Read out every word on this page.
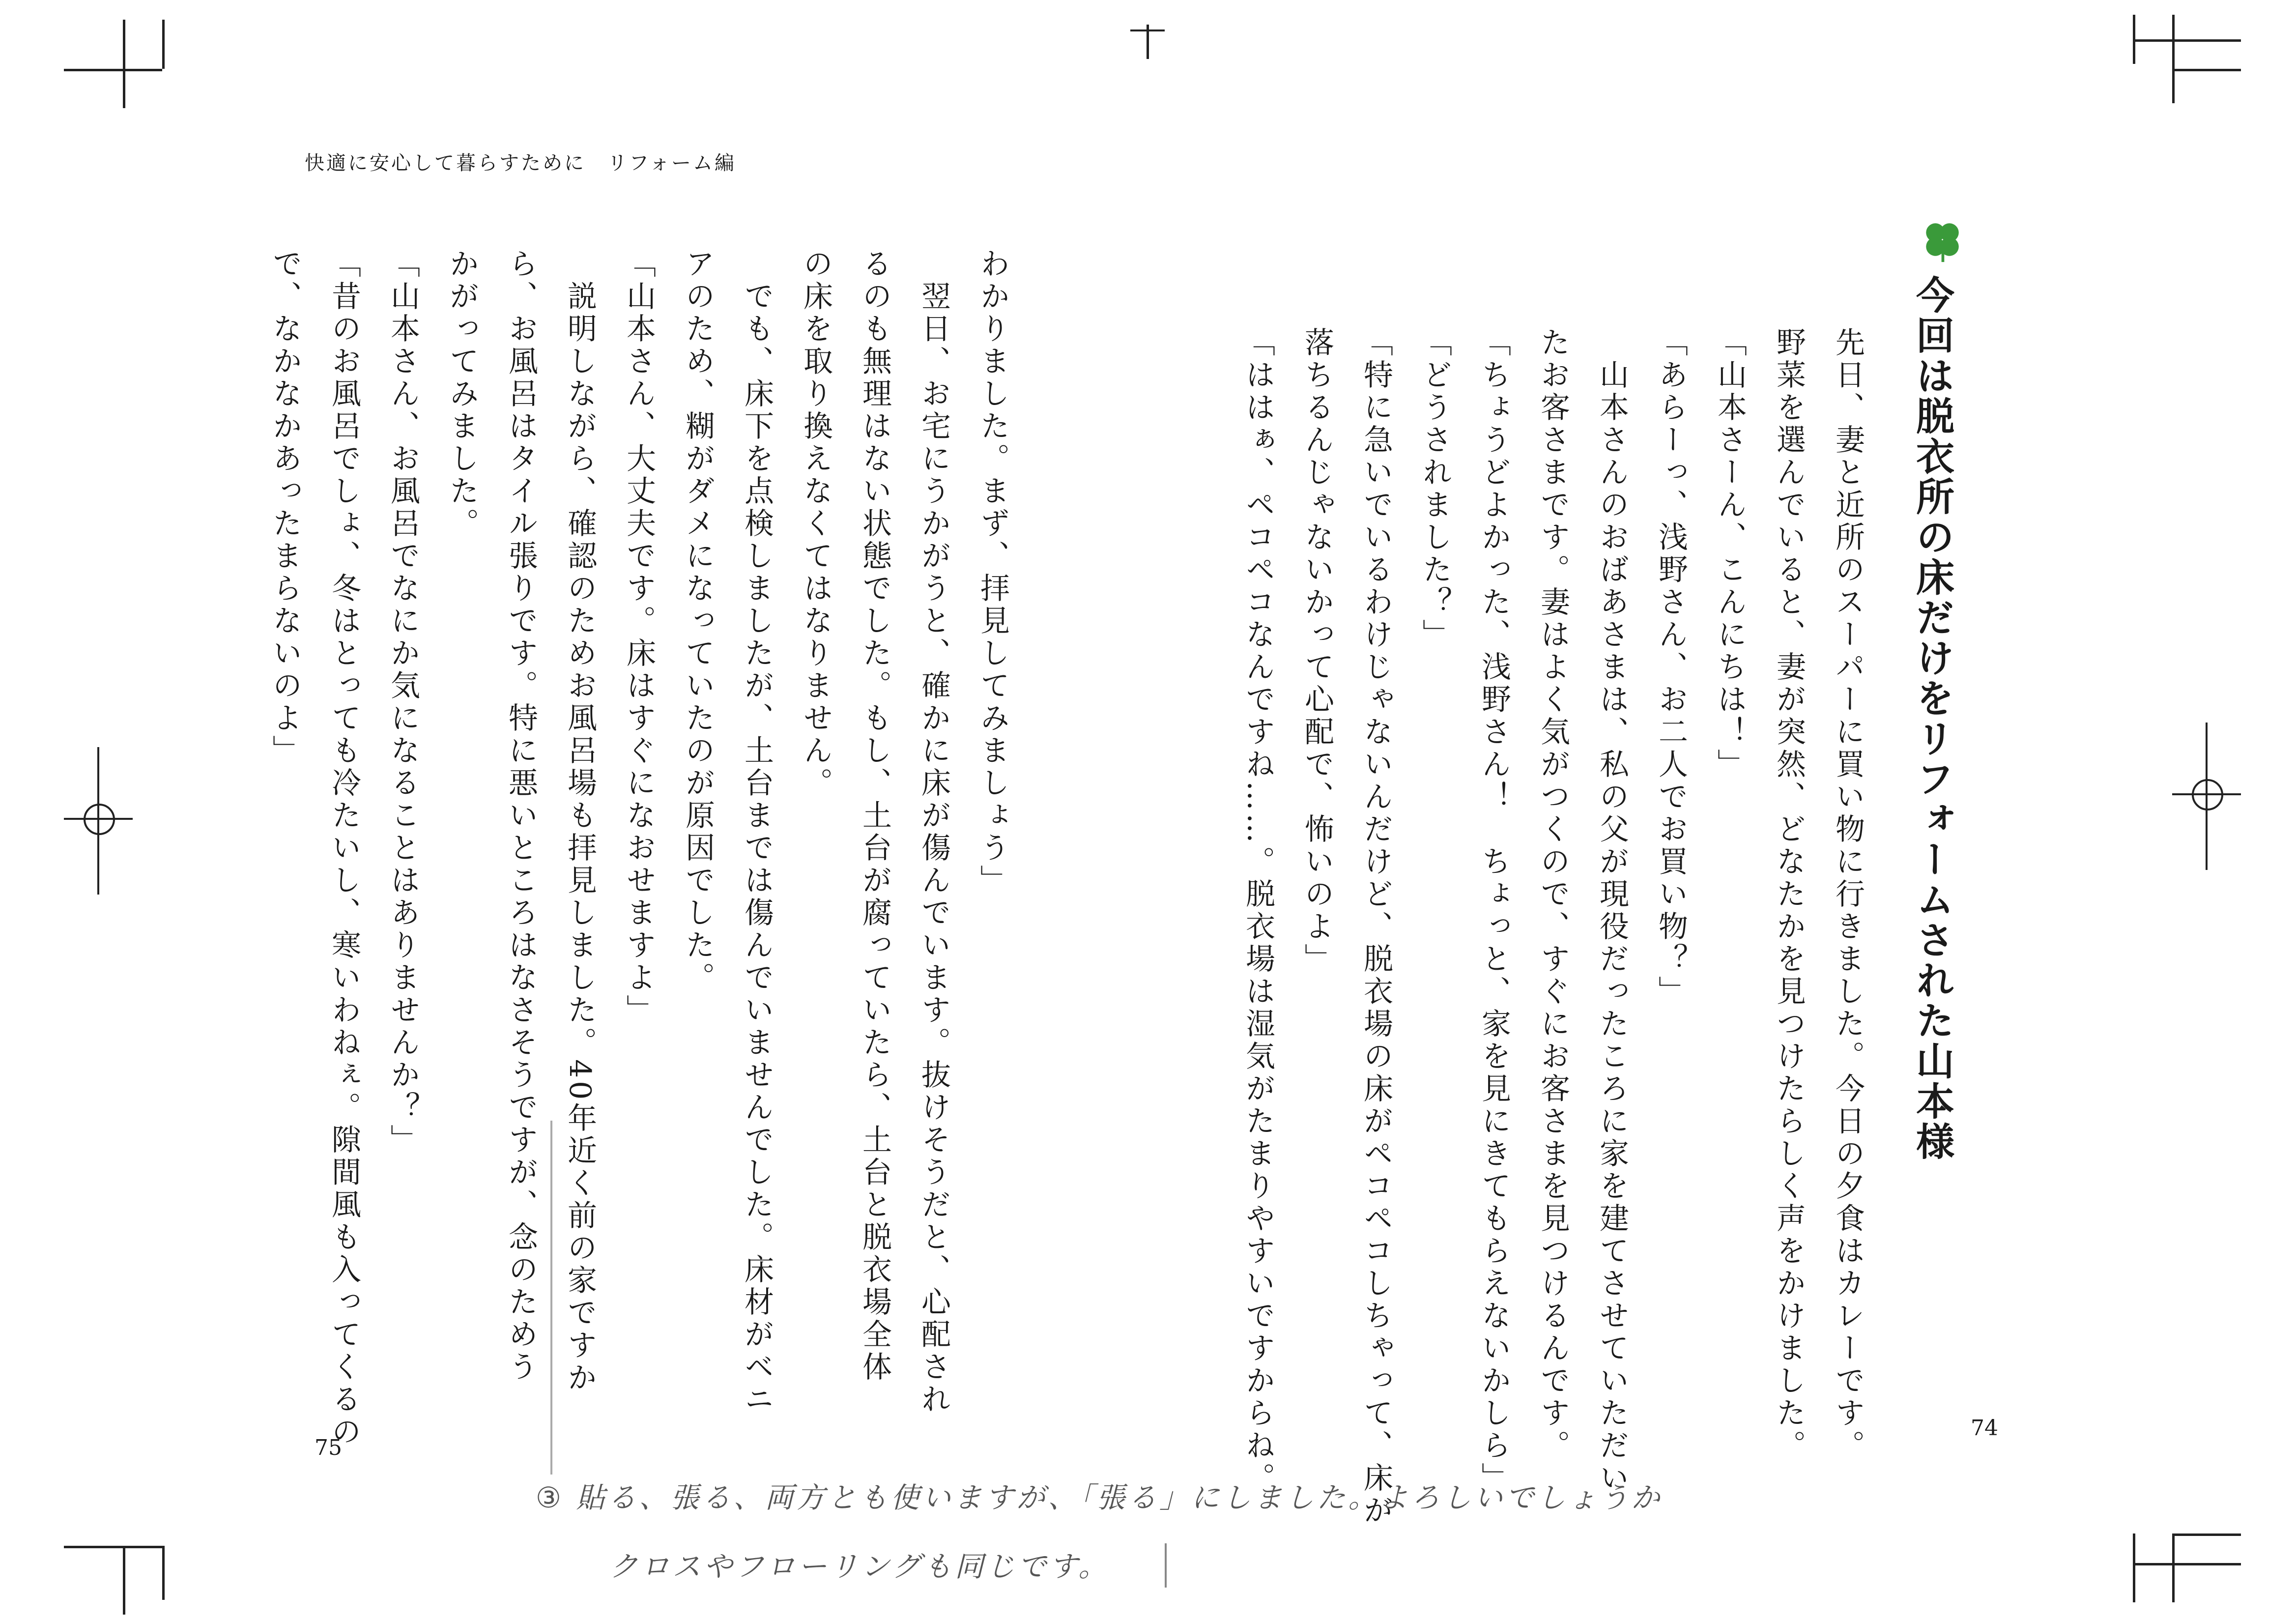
快適に安心して暮らすために　リフォーム編
今回は脱衣所の床だけをリフォームされた山本様

先日、妻と近所のスーパーに買い物に行きました。今日の夕食はカレーです。

野菜を選んでいると、妻が突然、どなたかを見つけたらしく声をかけました。

「山本さーん、こんにちは！」

「あらーっ、浅野さん、お二人でお買い物？」

　山本さんのおばあさまは、私の父が現役だったころに家を建てさせていただい

たお客さまです。妻はよく気がつくので、すぐにお客さまを見つけるんです。

「ちょうどよかった、浅野さん！　ちょっと、家を見にきてもらえないかしら」

「どうされました？」

「特に急いでいるわけじゃないんだけど、脱衣場の床がペコペコしちゃって、床が

落ちるんじゃないかって心配で、怖いのよ」

「ははぁ、ペコペコなんですね……。脱衣場は湿気がたまりやすいですからね。

わかりました。まず、拝見してみましょう」

　翌日、お宅にうかがうと、確かに床が傷んでいます。抜けそうだと、心配され

るのも無理はない状態でした。もし、土台が腐っていたら、土台と脱衣場全体

の床を取り換えなくてはなりません。

　でも、床下を点検しましたが、土台までは傷んでいませんでした。床材がベニ

アのため、糊がダメになっていたのが原因でした。

「山本さん、大丈夫です。床はすぐになおせますよ」

　説明しながら、確認のためお風呂場も拝見しました。40年近く前の家ですか

ら、お風呂はタイル張りです。特に悪いところはなさそうですが、念のためう

かがってみました。

「山本さん、お風呂でなにか気になることはありませんか？」

「昔のお風呂でしょ、冬はとっても冷たいし、寒いわねぇ。隙間風も入ってくるの

で、なかなかあったまらないのよ」

74
75
③ 貼る、張る、両方とも使いますが、「張る」にしました。よろしいでしょうか
クロスやフローリングも同じです。
